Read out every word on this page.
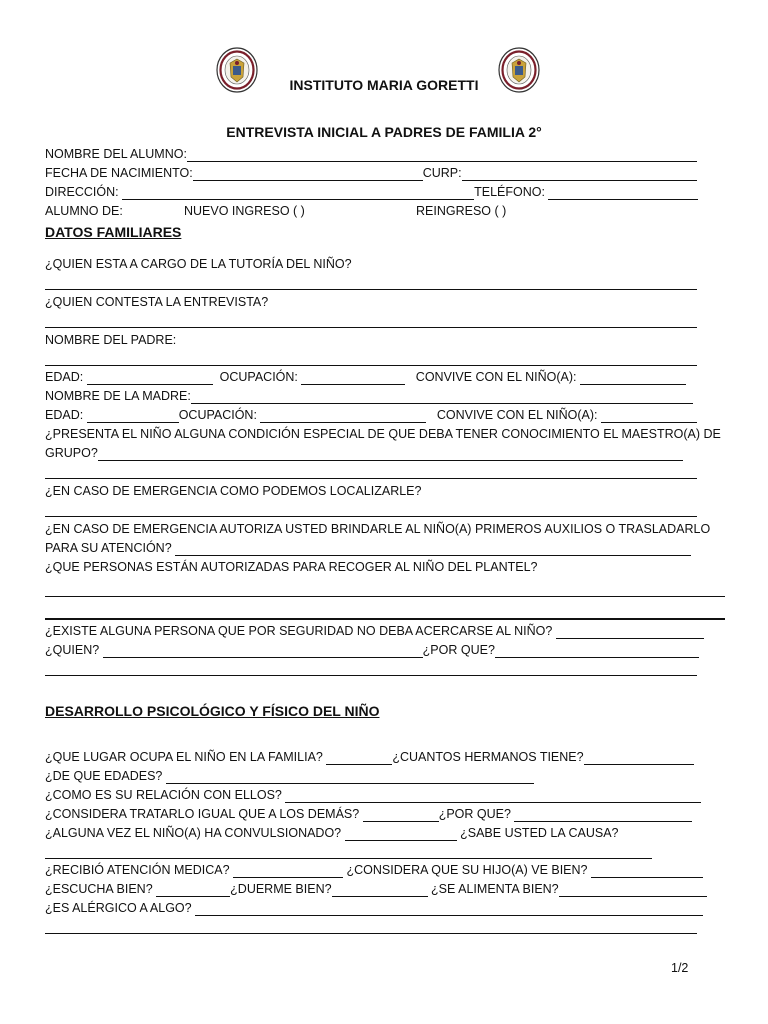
INSTITUTO MARIA GORETTI
ENTREVISTA INICIAL A PADRES DE FAMILIA 2°
NOMBRE DEL ALUMNO:
FECHA DE NACIMIENTO:	CURP:
DIRECCIÓN:	TELÉFONO:
ALUMNO DE:	NUEVO INGRESO ( )	REINGRESO ( )
DATOS FAMILIARES
¿QUIEN ESTA A CARGO DE LA TUTORÍA DEL NIÑO?
¿QUIEN CONTESTA LA ENTREVISTA?
NOMBRE DEL PADRE:
EDAD:	OCUPACIÓN:	CONVIVE CON EL NIÑO(A):
NOMBRE DE LA MADRE:
EDAD:	OCUPACIÓN:	CONVIVE CON EL NIÑO(A):
¿PRESENTA EL NIÑO ALGUNA CONDICIÓN ESPECIAL DE QUE DEBA TENER CONOCIMIENTO EL MAESTRO(A) DE
GRUPO?
¿EN CASO DE EMERGENCIA COMO PODEMOS LOCALIZARLE?
¿EN CASO DE EMERGENCIA AUTORIZA USTED BRINDARLE AL NIÑO(A) PRIMEROS AUXILIOS O TRASLADARLO
PARA SU ATENCIÓN?
¿QUE PERSONAS ESTÁN AUTORIZADAS PARA RECOGER AL NIÑO DEL PLANTEL?
¿EXISTE ALGUNA PERSONA QUE POR SEGURIDAD NO DEBA ACERCARSE AL NIÑO?
¿QUIEN?	¿POR QUE?
DESARROLLO PSICOLÓGICO Y FÍSICO DEL NIÑO
¿QUE LUGAR OCUPA EL NIÑO EN LA FAMILIA?	¿CUANTOS HERMANOS TIENE?
¿DE QUE EDADES?
¿COMO ES SU RELACIÓN CON ELLOS?
¿CONSIDERA TRATARLO IGUAL QUE A LOS DEMÁS?	¿POR QUE?
¿ALGUNA VEZ EL NIÑO(A) HA CONVULSIONADO?	¿SABE USTED LA CAUSA?
¿RECIBIÓ ATENCIÓN MEDICA?	¿CONSIDERA QUE SU HIJO(A) VE BIEN?
¿ESCUCHA BIEN?	¿DUERME BIEN?	¿SE ALIMENTA BIEN?
¿ES ALÉRGICO A ALGO?
1/2
